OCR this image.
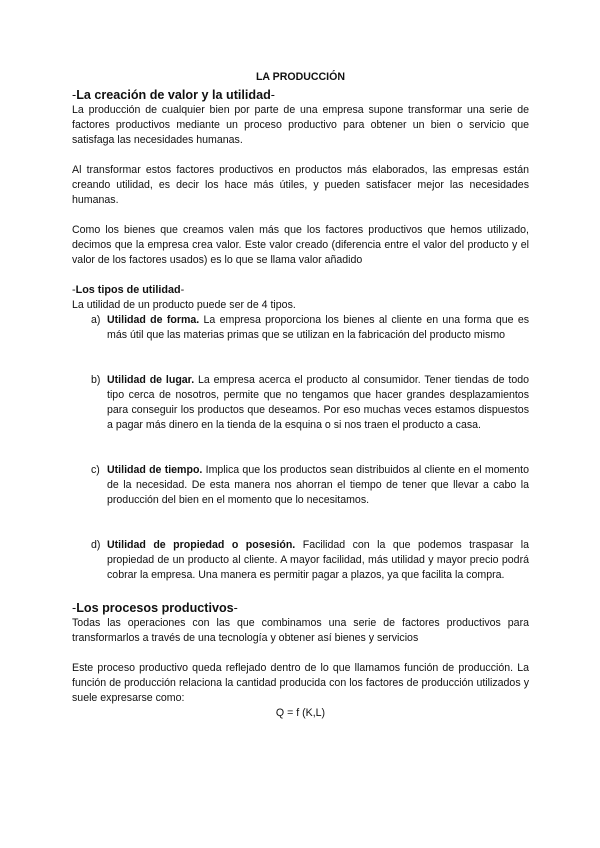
LA PRODUCCIÓN

-La creación de valor y la utilidad-

La producción de cualquier bien por parte de una empresa supone transformar una serie de factores productivos mediante un proceso productivo para obtener un bien o servicio que satisfaga las necesidades humanas.

Al transformar estos factores productivos en productos más elaborados, las empresas están creando utilidad, es decir los hace más útiles, y pueden satisfacer mejor las necesidades humanas.

Como los bienes que creamos valen más que los factores productivos que hemos utilizado, decimos que la empresa crea valor. Este valor creado (diferencia entre el valor del producto y el valor de los factores usados) es lo que se llama valor añadido

-Los tipos de utilidad-

La utilidad de un producto puede ser de 4 tipos.

a) Utilidad de forma. La empresa proporciona los bienes al cliente en una forma que es más útil que las materias primas que se utilizan en la fabricación del producto mismo
b) Utilidad de lugar. La empresa acerca el producto al consumidor. Tener tiendas de todo tipo cerca de nosotros, permite que no tengamos que hacer grandes desplazamientos para conseguir los productos que deseamos. Por eso muchas veces estamos dispuestos a pagar más dinero en la tienda de la esquina o si nos traen el producto a casa.
c) Utilidad de tiempo. Implica que los productos sean distribuidos al cliente en el momento de la necesidad. De esta manera nos ahorran el tiempo de tener que llevar a cabo la producción del bien en el momento que lo necesitamos.
d) Utilidad de propiedad o posesión. Facilidad con la que podemos traspasar la propiedad de un producto al cliente. A mayor facilidad, más utilidad y mayor precio podrá cobrar la empresa. Una manera es permitir pagar a plazos, ya que facilita la compra.
-Los procesos productivos-

Todas las operaciones con las que combinamos una serie de factores productivos para transformarlos a través de una tecnología y obtener así bienes y servicios

Este proceso productivo queda reflejado dentro de lo que llamamos función de producción. La función de producción relaciona la cantidad producida con los factores de producción utilizados y suele expresarse como:

Q = f (K,L)
